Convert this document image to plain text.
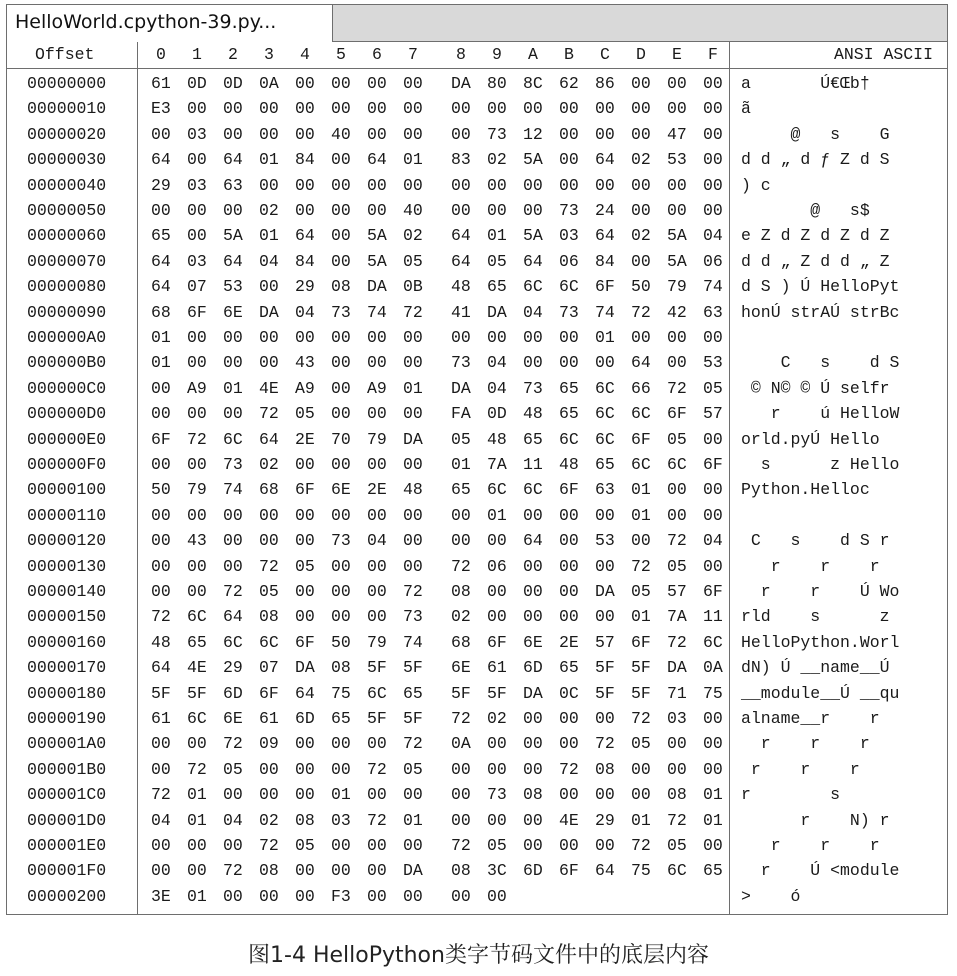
HelloWorld.cpython-39.py...
Offset	0	1	2	3	4	5	6	7	8	9	A	B	C	D	E	F	ANSI ASCII
00000000	61 0D 0D 0A 00 00 00 00 DA 80 8C 62 86 00 00 00	a       Ú€Œb†
00000010	E3 00 00 00 00 00 00 00 00 00 00 00 00 00 00 00	ã
00000020	00 03 00 00 00 40 00 00 00 73 12 00 00 00 47 00	@   s    G
00000030	64 00 64 01 84 00 64 01 83 02 5A 00 64 02 53 00	d d „ d ƒ Z d S
00000040	29 03 63 00 00 00 00 00 00 00 00 00 00 00 00 00	) c
00000050	00 00 00 02 00 00 00 40 00 00 00 73 24 00 00 00	@   s$
00000060	65 00 5A 01 64 00 5A 02 64 01 5A 03 64 02 5A 04	e Z d Z d Z d Z
00000070	64 03 64 04 84 00 5A 05 64 05 64 06 84 00 5A 06	d d „ Z d d „ Z
00000080	64 07 53 00 29 08 DA 0B 48 65 6C 6C 6F 50 79 74	d S ) Ú HelloPyt
00000090	68 6F 6E DA 04 73 74 72 41 DA 04 73 74 72 42 63	honÚ strAÚ strBc
000000A0	01 00 00 00 00 00 00 00 00 00 00 00 01 00 00 00
000000B0	01 00 00 00 43 00 00 00 73 04 00 00 00 64 00 53	C   s    d S
000000C0	00 A9 01 4E A9 00 A9 01 DA 04 73 65 6C 66 72 05	© N© © Ú selfr
000000D0	00 00 00 72 05 00 00 00 FA 0D 48 65 6C 6C 6F 57	r    ú HelloW
000000E0	6F 72 6C 64 2E 70 79 DA 05 48 65 6C 6C 6F 05 00	orld.pyÚ Hello
000000F0	00 00 73 02 00 00 00 00 01 7A 11 48 65 6C 6C 6F	s      z Hello
00000100	50 79 74 68 6F 6E 2E 48 65 6C 6C 6F 63 01 00 00	Python.Helloc
00000110	00 00 00 00 00 00 00 00 00 01 00 00 00 01 00 00
00000120	00 43 00 00 00 73 04 00 00 00 64 00 53 00 72 04	C   s    d S r
00000130	00 00 00 72 05 00 00 00 72 06 00 00 00 72 05 00	r    r    r
00000140	00 00 72 05 00 00 00 72 08 00 00 00 DA 05 57 6F	r    r    Ú Wo
00000150	72 6C 64 08 00 00 00 73 02 00 00 00 00 01 7A 11	rld    s      z
00000160	48 65 6C 6C 6F 50 79 74 68 6F 6E 2E 57 6F 72 6C	HelloPython.Worl
00000170	64 4E 29 07 DA 08 5F 5F 6E 61 6D 65 5F 5F DA 0A	dN) Ú __name__Ú
00000180	5F 5F 6D 6F 64 75 6C 65 5F 5F DA 0C 5F 5F 71 75	__module__Ú __qu
00000190	61 6C 6E 61 6D 65 5F 5F 72 02 00 00 00 72 03 00	alname__r    r
000001A0	00 00 72 09 00 00 00 72 0A 00 00 00 72 05 00 00	r    r    r
000001B0	00 72 05 00 00 00 72 05 00 00 00 72 08 00 00 00	r    r    r
000001C0	72 01 00 00 00 01 00 00 00 73 08 00 00 00 08 01	r        s
000001D0	04 01 04 02 08 03 72 01 00 00 00 4E 29 01 72 01	r    N) r
000001E0	00 00 00 72 05 00 00 00 72 05 00 00 00 72 05 00	r    r    r
000001F0	00 00 72 08 00 00 00 DA 08 3C 6D 6F 64 75 6C 65	r    Ú <module
00000200	3E 01 00 00 00 F3 00 00 00 00	>    ó
图1-4 HelloPython类字节码文件中的底层内容
